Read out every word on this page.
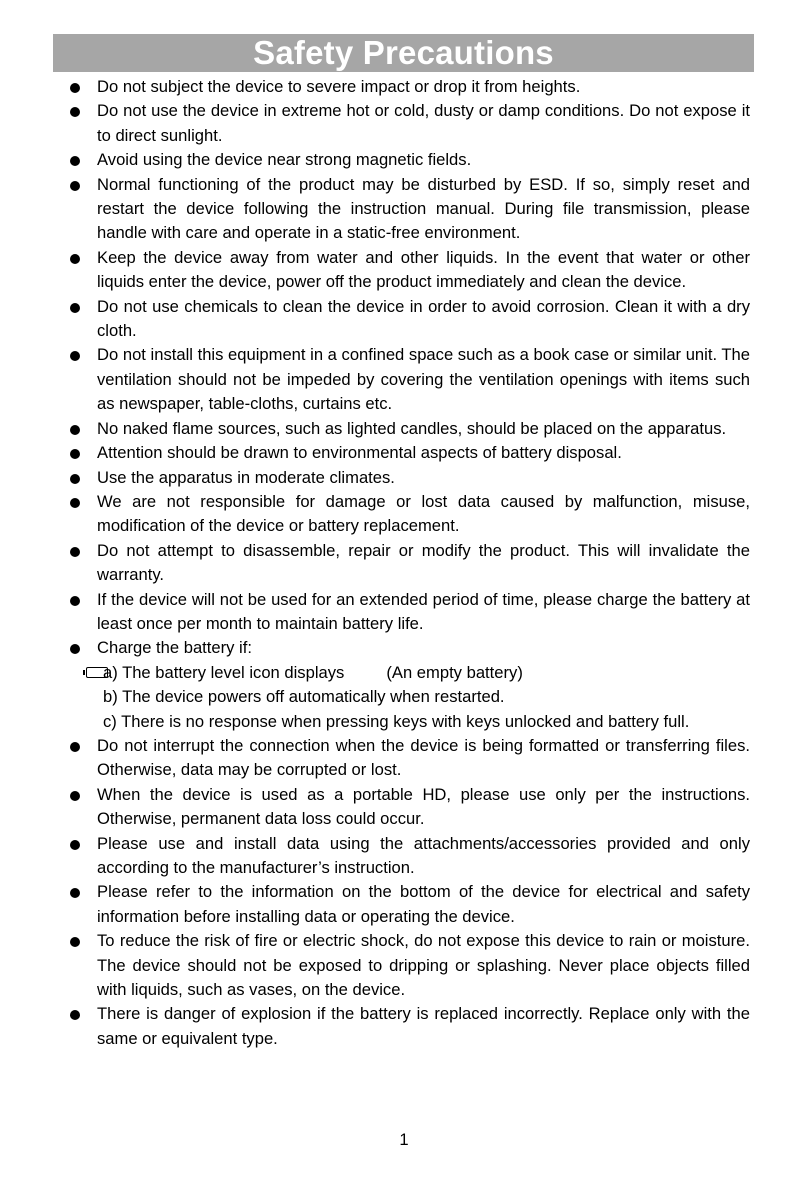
Safety Precautions
Do not subject the device to severe impact or drop it from heights.
Do not use the device in extreme hot or cold, dusty or damp conditions. Do not expose it to direct sunlight.
Avoid using the device near strong magnetic fields.
Normal functioning of the product may be disturbed by ESD. If so, simply reset and restart the device following the instruction manual. During file transmission, please handle with care and operate in a static-free environment.
Keep the device away from water and other liquids. In the event that water or other liquids enter the device, power off the product immediately and clean the device.
Do not use chemicals to clean the device in order to avoid corrosion. Clean it with a dry cloth.
Do not install this equipment in a confined space such as a book case or similar unit. The ventilation should not be impeded by covering the ventilation openings with items such as newspaper, table-cloths, curtains etc.
No naked flame sources, such as lighted candles, should be placed on the apparatus.
Attention should be drawn to environmental aspects of battery disposal.
Use the apparatus in moderate climates.
We are not responsible for damage or lost data caused by malfunction, misuse, modification of the device or battery replacement.
Do not attempt to disassemble, repair or modify the product. This will invalidate the warranty.
If the device will not be used for an extended period of time, please charge the battery at least once per month to maintain battery life.
Charge the battery if:
a) The battery level icon displays	(An empty battery)
b) The device powers off automatically when restarted.
c) There is no response when pressing keys with keys unlocked and battery full.
Do not interrupt the connection when the device is being formatted or transferring files. Otherwise, data may be corrupted or lost.
When the device is used as a portable HD, please use only per the instructions. Otherwise, permanent data loss could occur.
Please use and install data using the attachments/accessories provided and only according to the manufacturer’s instruction.
Please refer to the information on the bottom of the device for electrical and safety information before installing data or operating the device.
To reduce the risk of fire or electric shock, do not expose this device to rain or moisture. The device should not be exposed to dripping or splashing. Never place objects filled with liquids, such as vases, on the device.
There is danger of explosion if the battery is replaced incorrectly. Replace only with the same or equivalent type.
1
